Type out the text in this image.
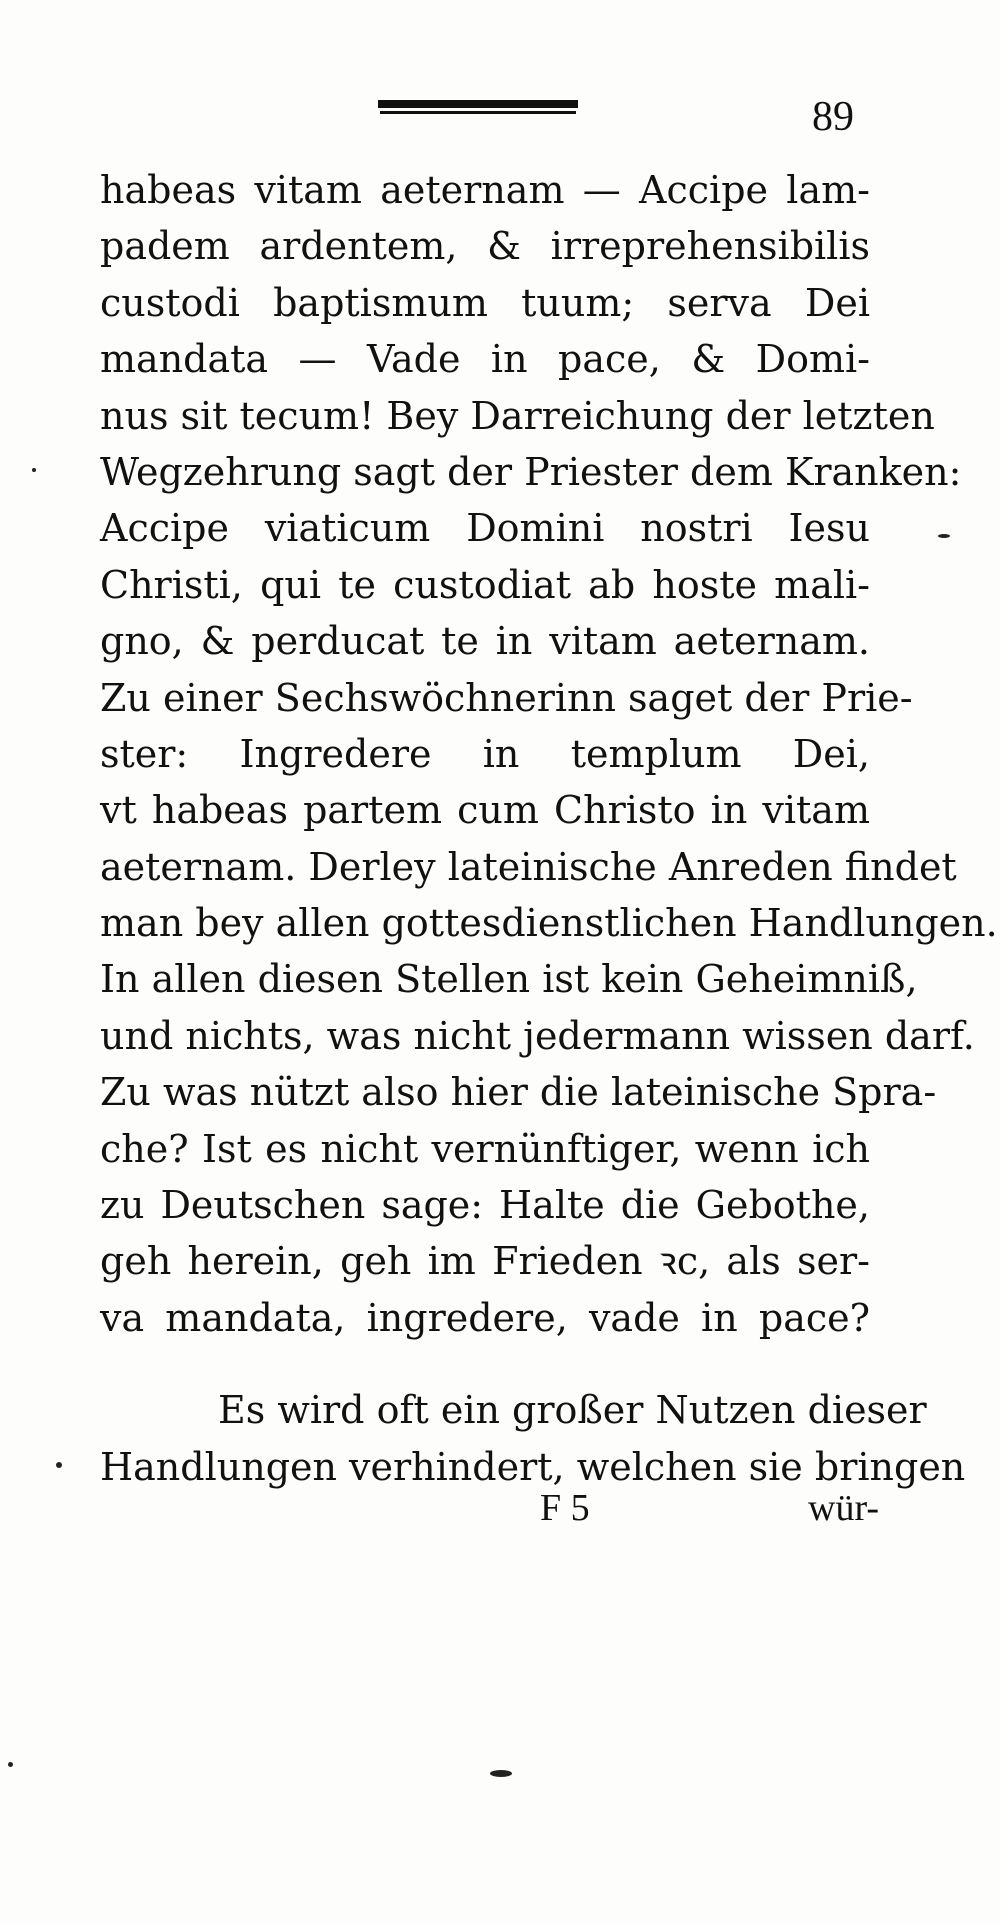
89
habeas vitam aeternam — Accipe lam-
padem ardentem, & irreprehensibilis
custodi baptismum tuum; serva Dei
mandata — Vade in pace, & Domi-
nus sit tecum! Bey Darreichung der letzten
Wegzehrung sagt der Priester dem Kranken:
Accipe viaticum Domini nostri Iesu
Christi, qui te custodiat ab hoste mali-
gno, & perducat te in vitam aeternam.
Zu einer Sechswöchnerinn saget der Prie-
ster: Ingredere in templum Dei,
vt habeas partem cum Christo in vitam
aeternam. Derley lateinische Anreden findet
man bey allen gottesdienstlichen Handlungen.
In allen diesen Stellen ist kein Geheimniß,
und nichts, was nicht jedermann wissen darf.
Zu was nützt also hier die lateinische Spra-
che? Ist es nicht vernünftiger, wenn ich
zu Deutschen sage: Halte die Gebothe,
geh herein, geh im Frieden ꝛc, als ser-
va mandata, ingredere, vade in pace?
Es wird oft ein großer Nutzen dieser
Handlungen verhindert, welchen sie bringen
F 5	wür-
